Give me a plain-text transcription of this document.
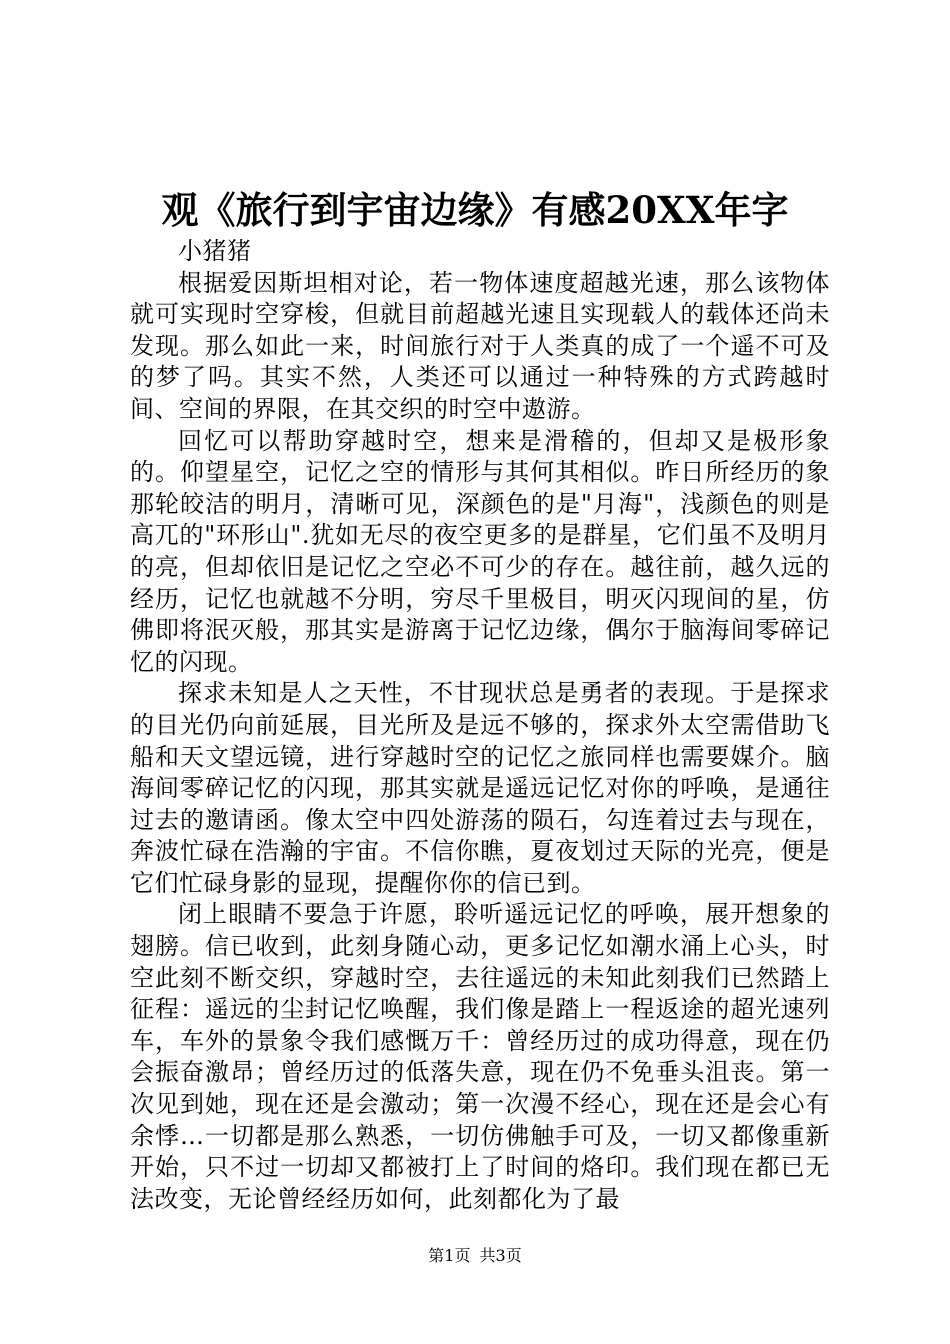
观《旅行到宇宙边缘》有感20XX年字

小猪猪

根据爱因斯坦相对论，若一物体速度超越光速，那么该物体就可实现时空穿梭，但就目前超越光速且实现载人的载体还尚未发现。那么如此一来，时间旅行对于人类真的成了一个遥不可及的梦了吗。其实不然，人类还可以通过一种特殊的方式跨越时间、空间的界限，在其交织的时空中遨游。

回忆可以帮助穿越时空，想来是滑稽的，但却又是极形象的。仰望星空，记忆之空的情形与其何其相似。昨日所经历的象那轮皎洁的明月，清晰可见，深颜色的是"月海"，浅颜色的则是高兀的"环形山".犹如无尽的夜空更多的是群星，它们虽不及明月的亮，但却依旧是记忆之空必不可少的存在。越往前，越久远的经历，记忆也就越不分明，穷尽千里极目，明灭闪现间的星，仿佛即将泯灭般，那其实是游离于记忆边缘，偶尔于脑海间零碎记忆的闪现。

探求未知是人之天性，不甘现状总是勇者的表现。于是探求的目光仍向前延展，目光所及是远不够的，探求外太空需借助飞船和天文望远镜，进行穿越时空的记忆之旅同样也需要媒介。脑海间零碎记忆的闪现，那其实就是遥远记忆对你的呼唤，是通往过去的邀请函。像太空中四处游荡的陨石，勾连着过去与现在，奔波忙碌在浩瀚的宇宙。不信你瞧，夏夜划过天际的光亮，便是它们忙碌身影的显现，提醒你你的信已到。

闭上眼睛不要急于许愿，聆听遥远记忆的呼唤，展开想象的翅膀。信已收到，此刻身随心动，更多记忆如潮水涌上心头，时空此刻不断交织，穿越时空，去往遥远的未知此刻我们已然踏上征程：遥远的尘封记忆唤醒，我们像是踏上一程返途的超光速列车，车外的景象令我们感慨万千：曾经历过的成功得意，现在仍会振奋激昂；曾经历过的低落失意，现在仍不免垂头沮丧。第一次见到她，现在还是会激动；第一次漫不经心，现在还是会心有余悸…一切都是那么熟悉，一切仿佛触手可及，一切又都像重新开始，只不过一切却又都被打上了时间的烙印。我们现在都已无法改变，无论曾经经历如何，此刻都化为了最

第1页 共3页
